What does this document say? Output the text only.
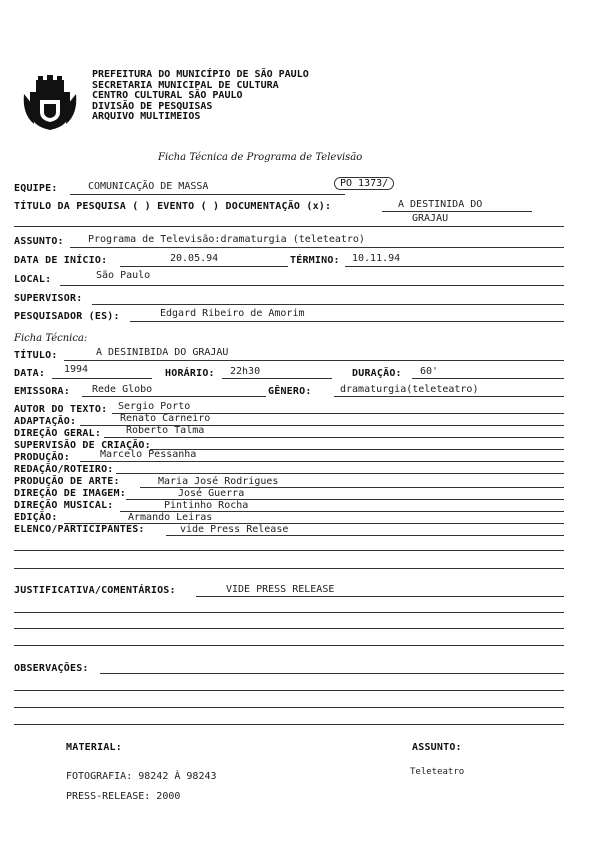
PREFEITURA DO MUNICÍPIO DE SÃO PAULO
SECRETARIA MUNICIPAL DE CULTURA
CENTRO CULTURAL SÃO PAULO
DIVISÃO DE PESQUISAS
ARQUIVO MULTIMEIOS
Ficha Técnica de Programa de Televisão
EQUIPE:	COMUNICAÇÃO DE MASSA	PO 1373/
TÍTULO DA PESQUISA ( ) EVENTO ( ) DOCUMENTAÇÃO (x):	A DESTINIDA DO
GRAJAU
ASSUNTO: Programa de Televisão:dramaturgia (teleteatro)
DATA DE INÍCIO:	20.05.94	TÉRMINO: 10.11.94
LOCAL:	São Paulo
SUPERVISOR:
PESQUISADOR (ES):	Edgard Ribeiro de Amorim
Ficha Técnica:
TÍTULO:	A DESINIBIDA DO GRAJAU
DATA: 1994	HORÁRIO: 22h30	DURAÇÃO: 60'
EMISSORA: Rede Globo	GÊNERO:	dramaturgia(teleteatro)
AUTOR DO TEXTO: Sergio Porto
ADAPTAÇÃO:	Renato Carneiro
DIREÇÃO GERAL: Roberto Talma
SUPERVISÃO DE CRIAÇÃO:
PRODUÇÃO:	Marcelo Pessanha
REDAÇÃO/ROTEIRO:
PRODUÇÃO DE ARTE:	Maria José Rodrigues
DIREÇÃO DE IMAGEM:	José Guerra
DIREÇÃO MUSICAL:	Pintinho Rocha
EDIÇÃO:	Armando Leiras
ELENCO/PARTICIPANTES:	vide Press Release
JUSTIFICATIVA/COMENTÁRIOS:	VIDE PRESS RELEASE
OBSERVAÇÕES:
MATERIAL:	ASSUNTO:
FOTOGRAFIA: 98242 À 98243	Teleteatro
PRESS-RELEASE: 2000
